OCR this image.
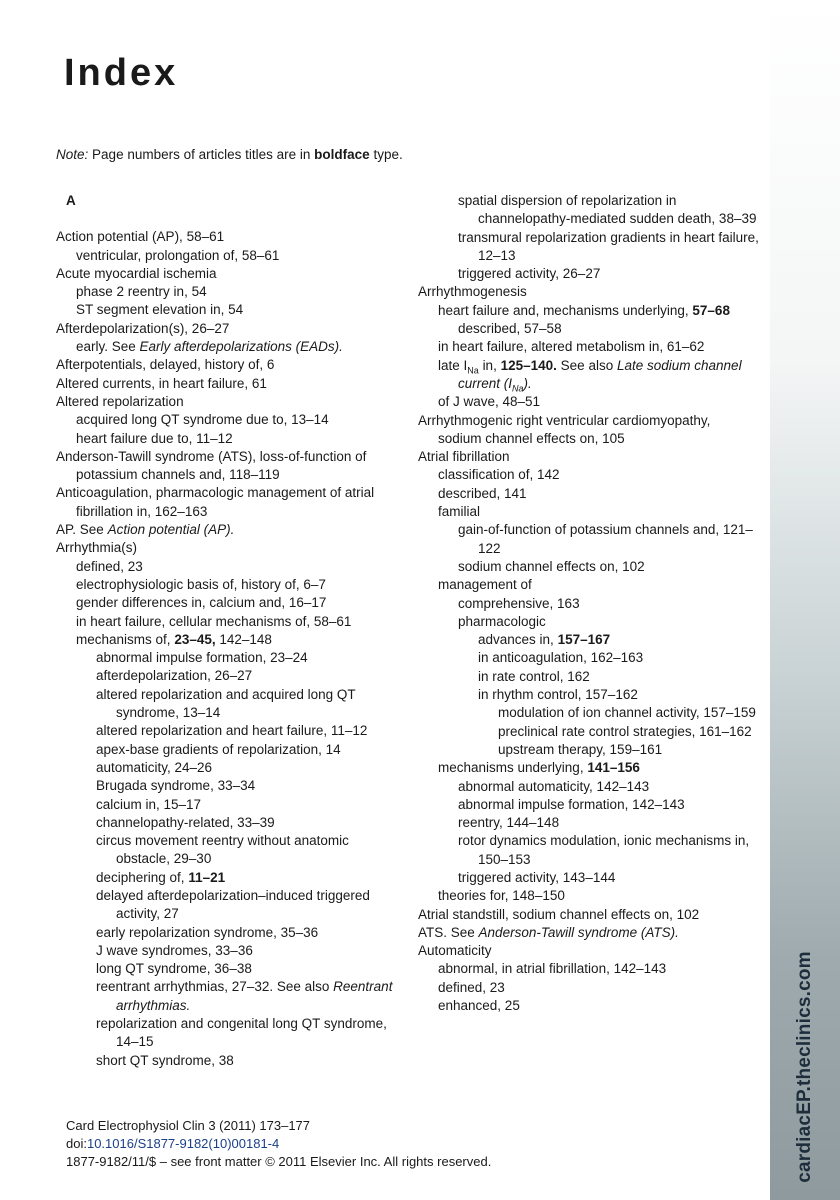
cardiacEP.theclinics.com
Index
Note: Page numbers of articles titles are in boldface type.
A
Action potential (AP), 58–61
ventricular, prolongation of, 58–61
Acute myocardial ischemia
phase 2 reentry in, 54
ST segment elevation in, 54
Afterdepolarization(s), 26–27
early. See Early afterdepolarizations (EADs).
Afterpotentials, delayed, history of, 6
Altered currents, in heart failure, 61
Altered repolarization
acquired long QT syndrome due to, 13–14
heart failure due to, 11–12
Anderson-Tawill syndrome (ATS), loss-of-function of potassium channels and, 118–119
Anticoagulation, pharmacologic management of atrial fibrillation in, 162–163
AP. See Action potential (AP).
Arrhythmia(s)
defined, 23
electrophysiologic basis of, history of, 6–7
gender differences in, calcium and, 16–17
in heart failure, cellular mechanisms of, 58–61
mechanisms of, 23–45, 142–148
abnormal impulse formation, 23–24
afterdepolarization, 26–27
altered repolarization and acquired long QT syndrome, 13–14
altered repolarization and heart failure, 11–12
apex-base gradients of repolarization, 14
automaticity, 24–26
Brugada syndrome, 33–34
calcium in, 15–17
channelopathy-related, 33–39
circus movement reentry without anatomic obstacle, 29–30
deciphering of, 11–21
delayed afterdepolarization–induced triggered activity, 27
early repolarization syndrome, 35–36
J wave syndromes, 33–36
long QT syndrome, 36–38
reentrant arrhythmias, 27–32. See also Reentrant arrhythmias.
repolarization and congenital long QT syndrome, 14–15
short QT syndrome, 38
spatial dispersion of repolarization in channelopathy-mediated sudden death, 38–39
transmural repolarization gradients in heart failure, 12–13
triggered activity, 26–27
Arrhythmogenesis
heart failure and, mechanisms underlying, 57–68
described, 57–58
in heart failure, altered metabolism in, 61–62
late $I_{Na}$ in, 125–140. See also Late sodium channel current $(I_{Na})$.
of J wave, 48–51
Arrhythmogenic right ventricular cardiomyopathy,
sodium channel effects on, 105
Atrial fibrillation
classification of, 142
described, 141
familial
gain-of-function of potassium channels and, 121–122
sodium channel effects on, 102
management of
comprehensive, 163
pharmacologic
advances in, 157–167
in anticoagulation, 162–163
in rate control, 162
in rhythm control, 157–162
modulation of ion channel activity, 157–159
preclinical rate control strategies, 161–162
upstream therapy, 159–161
mechanisms underlying, 141–156
abnormal automaticity, 142–143
abnormal impulse formation, 142–143
reentry, 144–148
rotor dynamics modulation, ionic mechanisms in, 150–153
triggered activity, 143–144
theories for, 148–150
Atrial standstill, sodium channel effects on, 102
ATS. See Anderson-Tawill syndrome (ATS).
Automaticity
abnormal, in atrial fibrillation, 142–143
defined, 23
enhanced, 25
Card Electrophysiol Clin 3 (2011) 173–177
doi:10.1016/S1877-9182(10)00181-4
1877-9182/11/$ – see front matter © 2011 Elsevier Inc. All rights reserved.
